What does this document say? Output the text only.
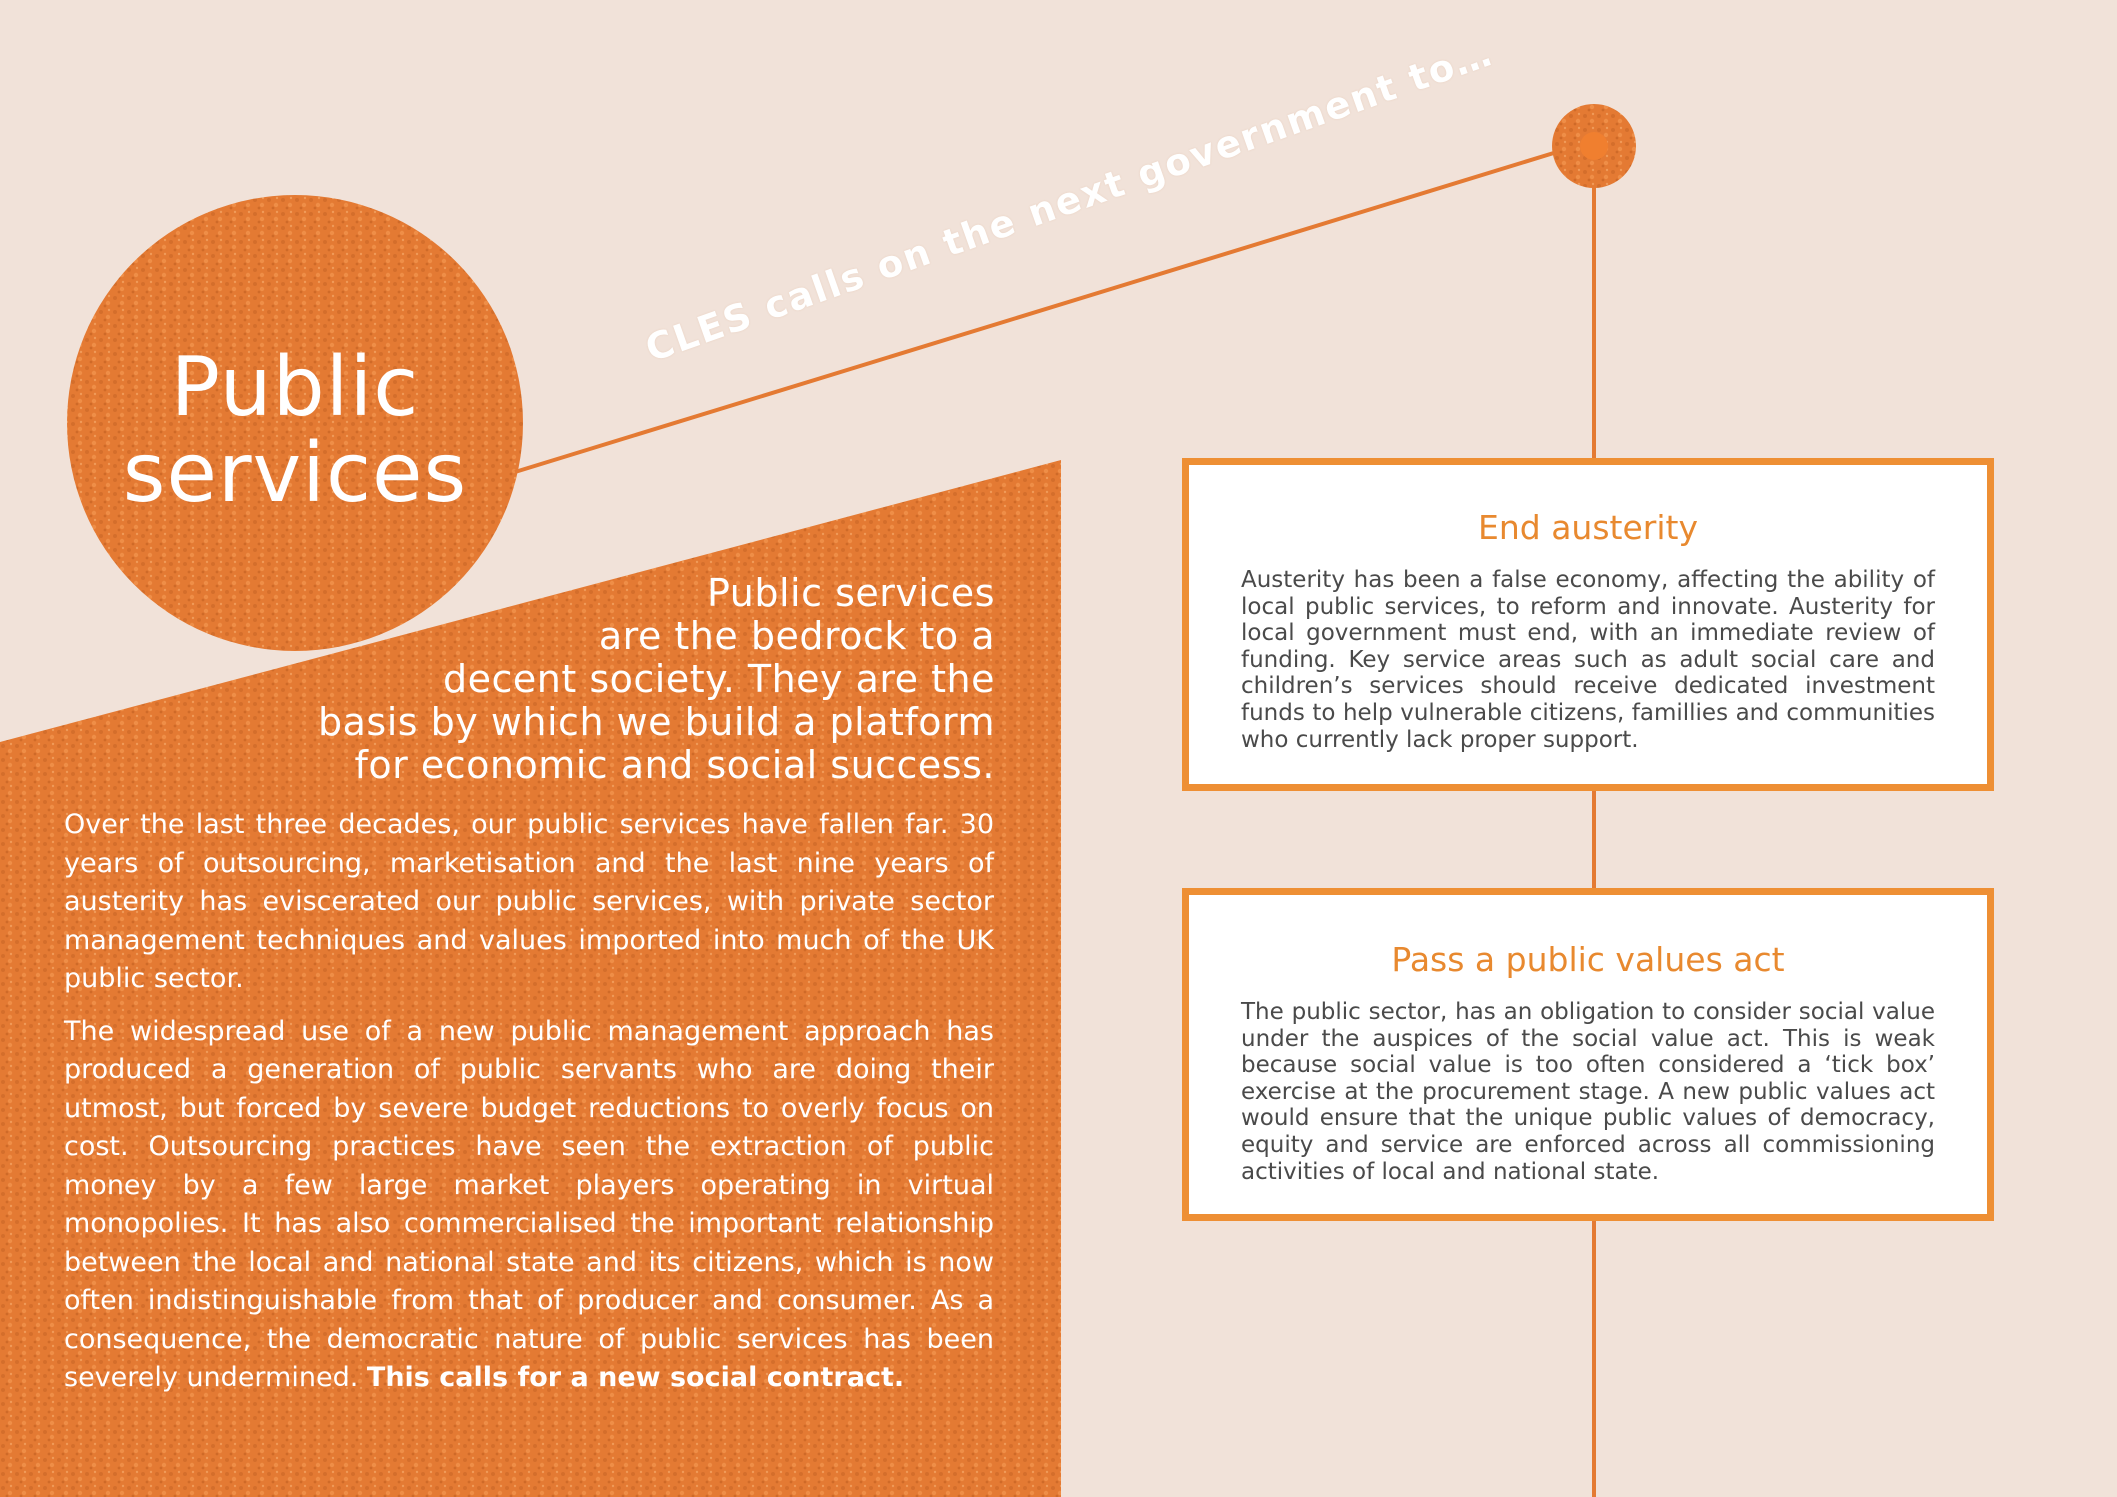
Public
services
CLES calls on the next government to…
Public services
are the bedrock to a
decent society. They are the
basis by which we build a platform
for economic and social success.

Over the last three decades, our public services have fallen far. 30 years of outsourcing, marketisation and the last nine years of austerity has eviscerated our public services, with private sector management techniques and values imported into much of the UK public sector.

The widespread use of a new public management approach has produced a generation of public servants who are doing their utmost, but forced by severe budget reductions to overly focus on cost. Outsourcing practices have seen the extraction of public money by a few large market players operating in virtual monopolies. It has also commercialised the important relationship between the local and national state and its citizens, which is now often indistinguishable from that of producer and consumer. As a consequence, the democratic nature of public services has been severely undermined. This calls for a new social contract.

End austerity

Austerity has been a false economy, affecting the ability of local public services, to reform and innovate. Austerity for local government must end, with an immediate review of funding. Key service areas such as adult social care and children’s services should receive dedicated investment funds to help vulnerable citizens, famillies and communities who currently lack proper support.

Pass a public values act

The public sector, has an obligation to consider social value under the auspices of the social value act. This is weak because social value is too often considered a ‘tick box’ exercise at the procurement stage. A new public values act would ensure that the unique public values of democracy, equity and service are enforced across all commissioning activities of local and national state.
